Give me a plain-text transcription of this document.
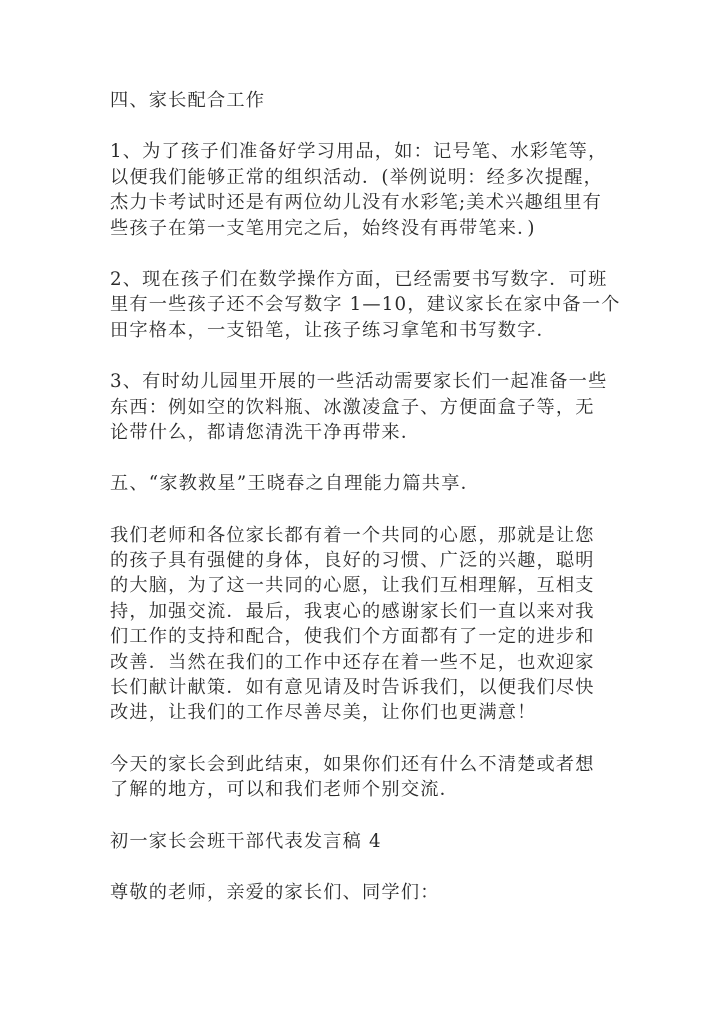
四、家长配合工作
1、为了孩子们准备好学习用品，如：记号笔、水彩笔等，
以便我们能够正常的组织活动．(举例说明：经多次提醒，
杰力卡考试时还是有两位幼儿没有水彩笔;美术兴趣组里有
些孩子在第一支笔用完之后，始终没有再带笔来．)
2、现在孩子们在数学操作方面，已经需要书写数字．可班
里有一些孩子还不会写数字 1—10，建议家长在家中备一个
田字格本，一支铅笔，让孩子练习拿笔和书写数字．
3、有时幼儿园里开展的一些活动需要家长们一起准备一些
东西：例如空的饮料瓶、冰激凌盒子、方便面盒子等，无
论带什么，都请您清洗干净再带来．
五、“家教救星”王晓春之自理能力篇共享．
我们老师和各位家长都有着一个共同的心愿，那就是让您
的孩子具有强健的身体，良好的习惯、广泛的兴趣，聪明
的大脑，为了这一共同的心愿，让我们互相理解，互相支
持，加强交流．最后，我衷心的感谢家长们一直以来对我
们工作的支持和配合，使我们个方面都有了一定的进步和
改善．当然在我们的工作中还存在着一些不足，也欢迎家
长们献计献策．如有意见请及时告诉我们，以便我们尽快
改进，让我们的工作尽善尽美，让你们也更满意！
今天的家长会到此结束，如果你们还有什么不清楚或者想
了解的地方，可以和我们老师个别交流．
初一家长会班干部代表发言稿 4
尊敬的老师，亲爱的家长们、同学们：
